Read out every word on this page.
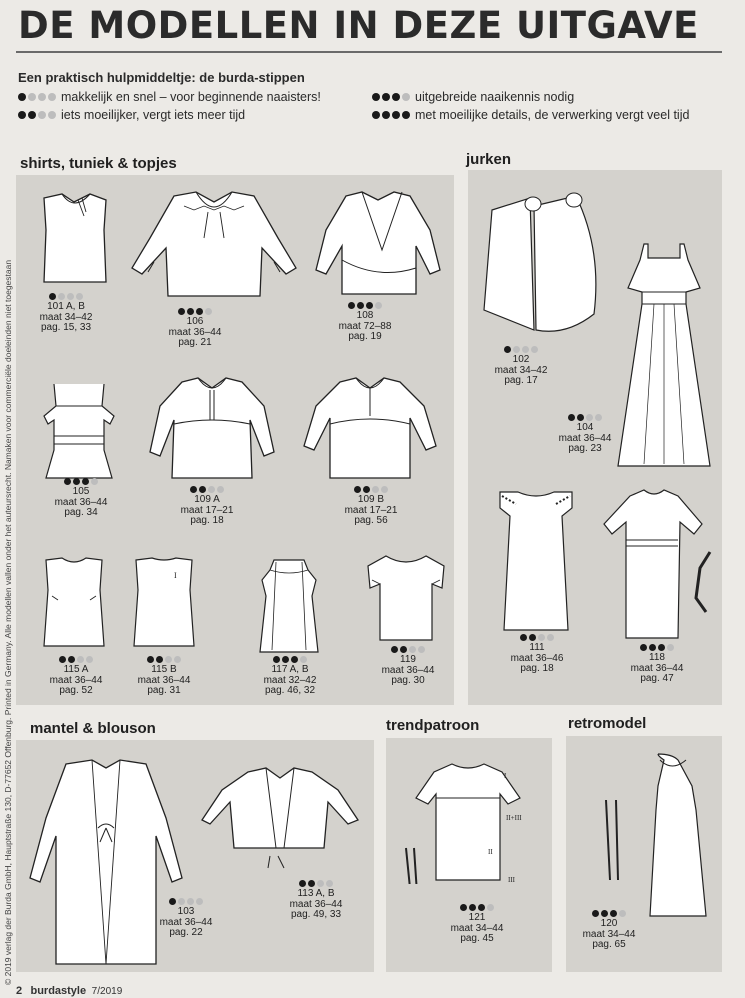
DE MODELLEN IN DEZE UITGAVE
Een praktisch hulpmiddeltje: de burda-stippen
makkelijk en snel – voor beginnende naaisters!
iets moeilijker, vergt iets meer tijd
uitgebreide naaikennis nodig
met moeilijke details, de verwerking vergt veel tijd
shirts, tuniek & topjes	jurken
mantel & blouson	trendpatroon	retromodel
I
I
II+III
II
III
101 A, B
maat 34–42
pag. 15, 33
106
maat 36–44
pag. 21
108
maat 72–88
pag. 19
105
maat 36–44
pag. 34
109 A
maat 17–21
pag. 18
109 B
maat 17–21
pag. 56
115 A
maat 36–44
pag. 52
115 B
maat 36–44
pag. 31
117 A, B
maat 32–42
pag. 46, 32
119
maat 36–44
pag. 30
102
maat 34–42
pag. 17
104
maat 36–44
pag. 23
111
maat 36–46
pag. 18
118
maat 36–44
pag. 47
103
maat 36–44
pag. 22
113 A, B
maat 36–44
pag. 49, 33	121
maat 34–44
pag. 45
120
maat 34–44
pag. 65
© 2019 verlag der Burda GmbH, Hauptstraße 130, D-77652 Offenburg. Printed in Germany. Alle modellen vallen onder het auteursrecht. Namaken voor commerciële doeleinden niet toegestaan
2 burdastyle 7/2019
